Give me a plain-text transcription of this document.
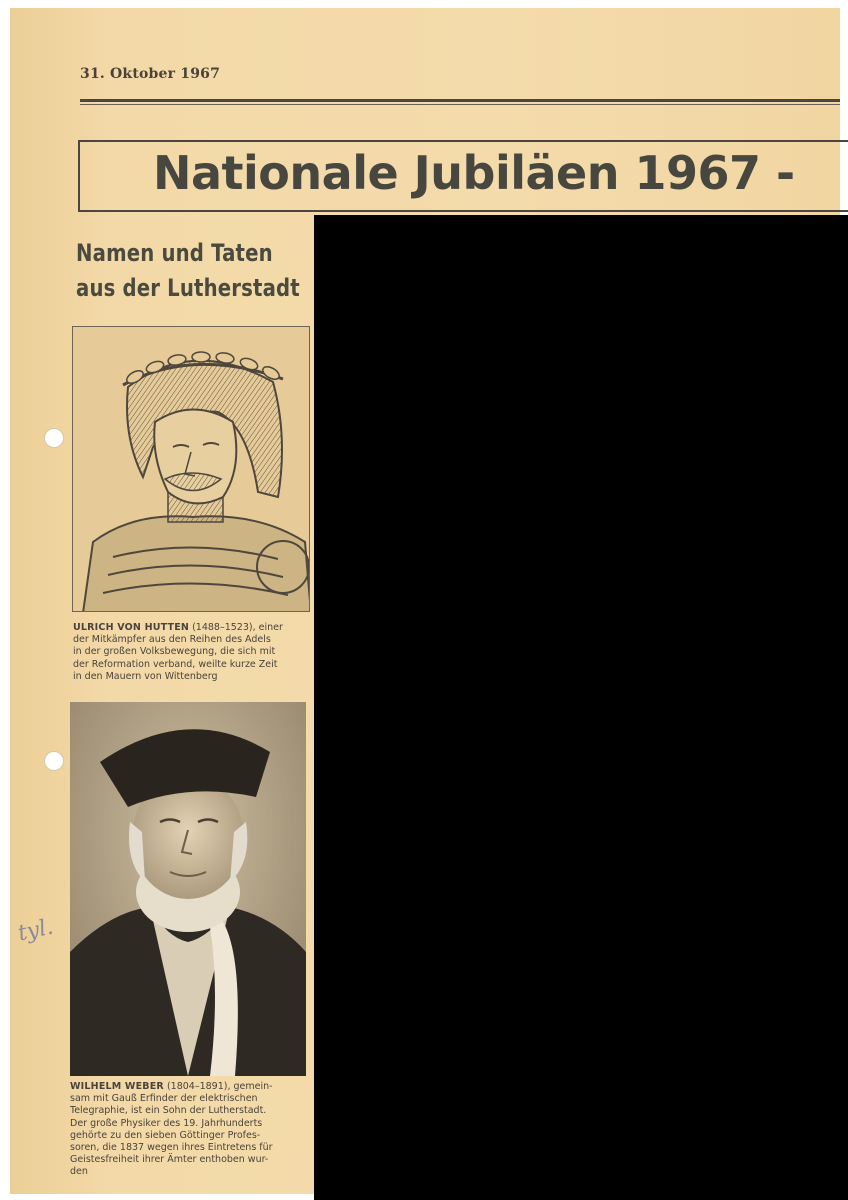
31. Oktober 1967
Nationale Jubiläen 1967 -
Namen und Taten
aus der Lutherstadt
ULRICH VON HUTTEN (1488–1523), einer
der Mitkämpfer aus den Reihen des Adels
in der großen Volksbewegung, die sich mit
der Reformation verband, weilte kurze Zeit
in den Mauern von Wittenberg
WILHELM WEBER (1804–1891), gemein-
sam mit Gauß Erfinder der elektrischen
Telegraphie, ist ein Sohn der Lutherstadt.
Der große Physiker des 19. Jahrhunderts
gehörte zu den sieben Göttinger Profes-
soren, die 1837 wegen ihres Eintretens für
Geistesfreiheit ihrer Ämter enthoben wur-
den
tyl.
